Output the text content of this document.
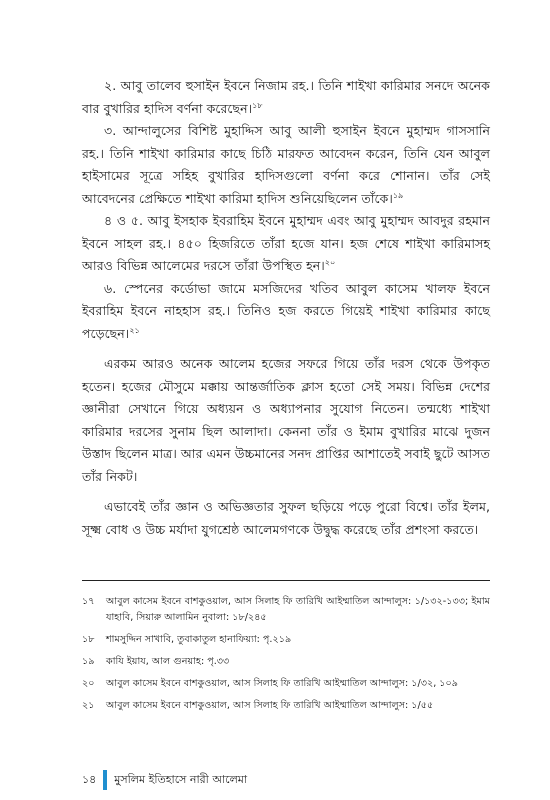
২. আবু তালেব হুসাইন ইবনে নিজাম রহ.। তিনি শাইখা কারিমার সনদে অনেক বার বুখারির হাদিস বর্ণনা করেছেন।$^{১৮}$

৩. আন্দালুসের বিশিষ্ট মুহাদ্দিস আবু আলী হুসাইন ইবনে মুহাম্মদ গাসসানি রহ.। তিনি শাইখা কারিমার কাছে চিঠি মারফত আবেদন করেন, তিনি যেন আবুল হাইসামের সূত্রে সহিহ বুখারির হাদিসগুলো বর্ণনা করে শোনান। তাঁর সেই আবেদনের প্রেক্ষিতে শাইখা কারিমা হাদিস শুনিয়েছিলেন তাঁকে।$^{১৯}$

৪ ও ৫. আবু ইসহাক ইবরাহিম ইবনে মুহাম্মদ এবং আবু মুহাম্মদ আবদুর রহমান ইবনে সাহল রহ.। ৪৫০ হিজরিতে তাঁরা হজে যান। হজ শেষে শাইখা কারিমাসহ আরও বিভিন্ন আলেমের দরসে তাঁরা উপস্থিত হন।$^{২০}$

৬. স্পেনের কর্ডোভা জামে মসজিদের খতিব আবুল কাসেম খালফ ইবনে ইবরাহিম ইবনে নাহহাস রহ.। তিনিও হজ করতে গিয়েই শাইখা কারিমার কাছে পড়েছেন।$^{২১}$

এরকম আরও অনেক আলেম হজের সফরে গিয়ে তাঁর দরস থেকে উপকৃত হতেন। হজের মৌসুমে মক্কায় আন্তর্জাতিক ক্লাস হতো সেই সময়। বিভিন্ন দেশের জ্ঞানীরা সেখানে গিয়ে অধ্যয়ন ও অধ্যাপনার সুযোগ নিতেন। তন্মধ্যে শাইখা কারিমার দরসের সুনাম ছিল আলাদা। কেননা তাঁর ও ইমাম বুখারির মাঝে দুজন উস্তাদ ছিলেন মাত্র। আর এমন উচ্চমানের সনদ প্রাপ্তির আশাতেই সবাই ছুটে আসত তাঁর নিকট।

এভাবেই তাঁর জ্ঞান ও অভিজ্ঞতার সুফল ছড়িয়ে পড়ে পুরো বিশ্বে। তাঁর ইলম, সূক্ষ্ম বোধ ও উচ্চ মর্যাদা যুগশ্রেষ্ঠ আলেমগণকে উদ্বুদ্ধ করেছে তাঁর প্রশংসা করতে।

১৭	আবুল কাসেম ইবনে বাশকুওয়াল, আস সিলাহ ফি তারিখি আইম্মাতিল আন্দালুস: ১/১৩২-১৩৩; ইমাম যাহাবি, সিয়ারু আলামিন নুবালা: ১৮/২৪৫
১৮	শামসুদ্দিন সাখাবি, তুবাকাতুল হানাফিয়্যা: পৃ.২১৯
১৯	কাযি ইয়ায, আল গুনয়াহ: পৃ.৩৩
২০	আবুল কাসেম ইবনে বাশকুওয়াল, আস সিলাহ ফি তারিখি আইম্মাতিল আন্দালুস: ১/৩২, ১০৯
২১	আবুল কাসেম ইবনে বাশকুওয়াল, আস সিলাহ ফি তারিখি আইম্মাতিল আন্দালুস: ১/৫৫
১৪ মুসলিম ইতিহাসে নারী আলেমা
